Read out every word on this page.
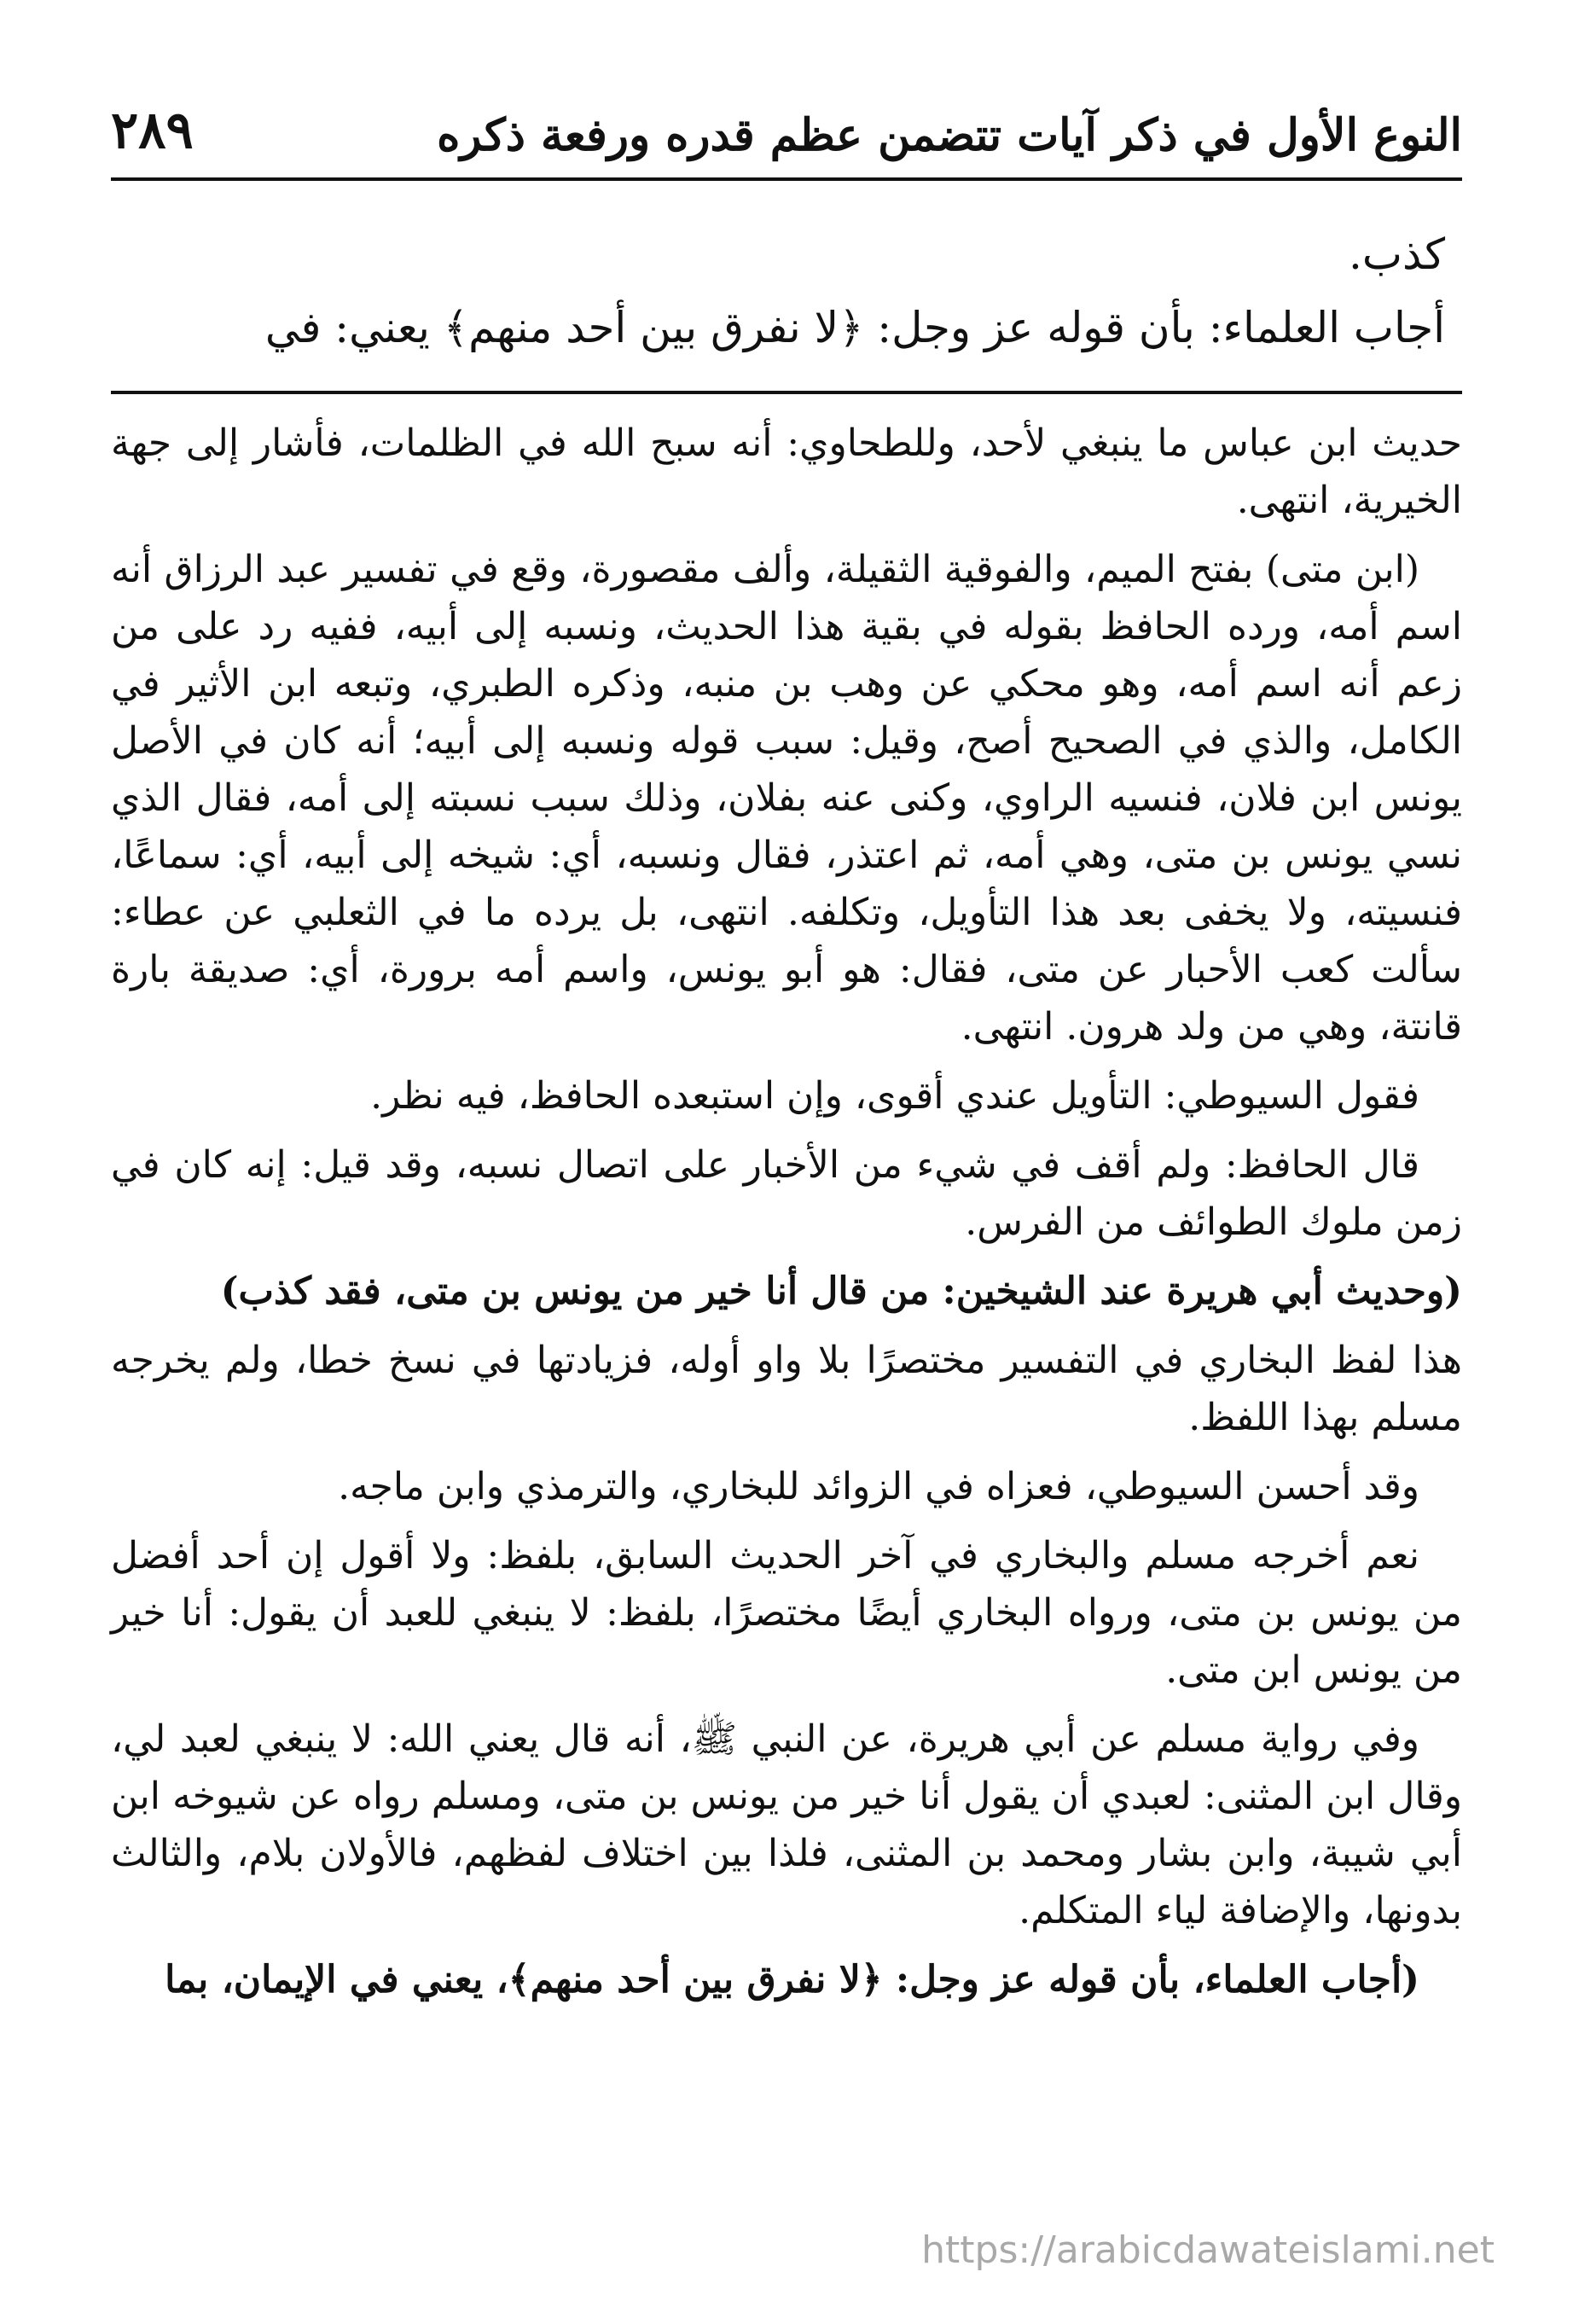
النوع الأول في ذكر آيات تتضمن عظم قدره ورفعة ذكره
٢٨٩
كذب.
أجاب العلماء: بأن قوله عز وجل: ﴿لا نفرق بين أحد منهم﴾ يعني: في

حديث ابن عباس ما ينبغي لأحد، وللطحاوي: أنه سبح الله في الظلمات، فأشار إلى جهة الخيرية، انتهى.

(ابن متى) بفتح الميم، والفوقية الثقيلة، وألف مقصورة، وقع في تفسير عبد الرزاق أنه اسم أمه، ورده الحافظ بقوله في بقية هذا الحديث، ونسبه إلى أبيه، ففيه رد على من زعم أنه اسم أمه، وهو محكي عن وهب بن منبه، وذكره الطبري، وتبعه ابن الأثير في الكامل، والذي في الصحيح أصح، وقيل: سبب قوله ونسبه إلى أبيه؛ أنه كان في الأصل يونس ابن فلان، فنسيه الراوي، وكنى عنه بفلان، وذلك سبب نسبته إلى أمه، فقال الذي نسي يونس بن متى، وهي أمه، ثم اعتذر، فقال ونسبه، أي: شيخه إلى أبيه، أي: سماعًا، فنسيته، ولا يخفى بعد هذا التأويل، وتكلفه. انتهى، بل يرده ما في الثعلبي عن عطاء: سألت كعب الأحبار عن متى، فقال: هو أبو يونس، واسم أمه برورة، أي: صديقة بارة قانتة، وهي من ولد هرون. انتهى.

فقول السيوطي: التأويل عندي أقوى، وإن استبعده الحافظ، فيه نظر.

قال الحافظ: ولم أقف في شيء من الأخبار على اتصال نسبه، وقد قيل: إنه كان في زمن ملوك الطوائف من الفرس.

(وحديث أبي هريرة عند الشيخين: من قال أنا خير من يونس بن متى، فقد كذب)

هذا لفظ البخاري في التفسير مختصرًا بلا واو أوله، فزيادتها في نسخ خطا، ولم يخرجه مسلم بهذا اللفظ.

وقد أحسن السيوطي، فعزاه في الزوائد للبخاري، والترمذي وابن ماجه.

نعم أخرجه مسلم والبخاري في آخر الحديث السابق، بلفظ: ولا أقول إن أحد أفضل من يونس بن متى، ورواه البخاري أيضًا مختصرًا، بلفظ: لا ينبغي للعبد أن يقول: أنا خير من يونس ابن متى.

وفي رواية مسلم عن أبي هريرة، عن النبي ﷺ، أنه قال يعني الله: لا ينبغي لعبد لي، وقال ابن المثنى: لعبدي أن يقول أنا خير من يونس بن متى، ومسلم رواه عن شيوخه ابن أبي شيبة، وابن بشار ومحمد بن المثنى، فلذا بين اختلاف لفظهم، فالأولان بلام، والثالث بدونها، والإضافة لياء المتكلم.

(أجاب العلماء، بأن قوله عز وجل: ﴿لا نفرق بين أحد منهم﴾، يعني في الإيمان، بما

https://arabicdawateislami.net
